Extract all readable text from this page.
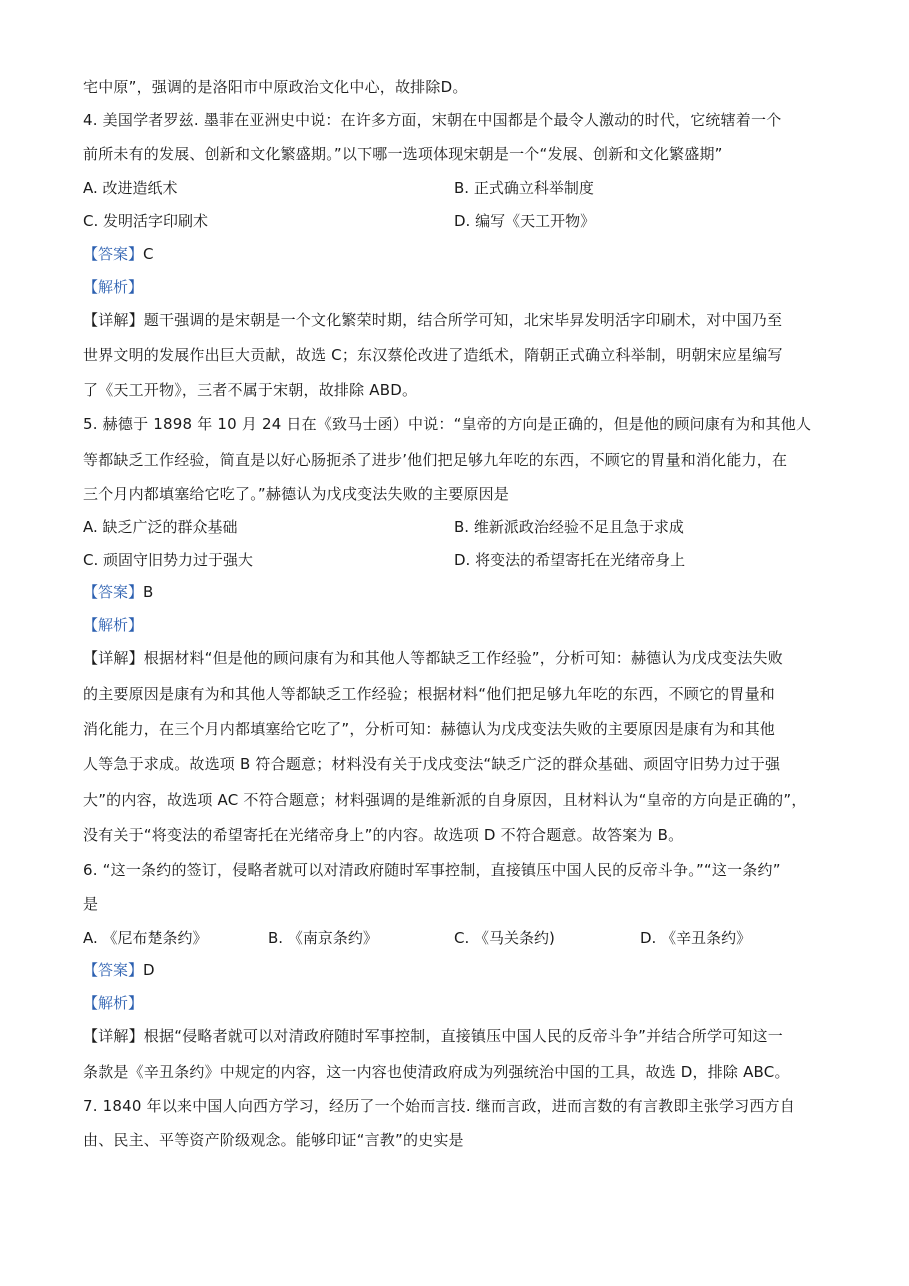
宅中原”，强调的是洛阳市中原政治文化中心，故排除D。
4. 美国学者罗兹. 墨菲在亚洲史中说：在许多方面，宋朝在中国都是个最令人激动的时代，它统辖着一个
前所未有的发展、创新和文化繁盛期。”以下哪一选项体现宋朝是一个“发展、创新和文化繁盛期”
A. 改进造纸术	B. 正式确立科举制度
C. 发明活字印刷术	D. 编写《天工开物》
【答案】C
【解析】
【详解】题干强调的是宋朝是一个文化繁荣时期，结合所学可知，北宋毕昇发明活字印刷术，对中国乃至
世界文明的发展作出巨大贡献，故选 C；东汉蔡伦改进了造纸术，隋朝正式确立科举制，明朝宋应星编写
了《天工开物》，三者不属于宋朝，故排除 ABD。
5. 赫德于 1898 年 10 月 24 日在《致马士函）中说：“皇帝的方向是正确的，但是他的顾问康有为和其他人
等都缺乏工作经验，简直是以好心肠扼杀了进步’他们把足够九年吃的东西，不顾它的胃量和消化能力，在
三个月内都填塞给它吃了。”赫德认为戊戌变法失败的主要原因是
A. 缺乏广泛的群众基础	B. 维新派政治经验不足且急于求成
C. 顽固守旧势力过于强大	D. 将变法的希望寄托在光绪帝身上
【答案】B
【解析】
【详解】根据材料“但是他的顾问康有为和其他人等都缺乏工作经验”，分析可知：赫德认为戊戌变法失败
的主要原因是康有为和其他人等都缺乏工作经验；根据材料“他们把足够九年吃的东西，不顾它的胃量和
消化能力，在三个月内都填塞给它吃了”，分析可知：赫德认为戊戌变法失败的主要原因是康有为和其他
人等急于求成。故选项 B 符合题意；材料没有关于戊戌变法“缺乏广泛的群众基础、顽固守旧势力过于强
大”的内容，故选项 AC 不符合题意；材料强调的是维新派的自身原因，且材料认为“皇帝的方向是正确的”，
没有关于“将变法的希望寄托在光绪帝身上”的内容。故选项 D 不符合题意。故答案为 B。
6. “这一条约的签订，侵略者就可以对清政府随时军事控制，直接镇压中国人民的反帝斗争。”“这一条约”
是
A. 《尼布楚条约》	B. 《南京条约》	C. 《马关条约)	D. 《辛丑条约》
【答案】D
【解析】
【详解】根据“侵略者就可以对清政府随时军事控制，直接镇压中国人民的反帝斗争”并结合所学可知这一
条款是《辛丑条约》中规定的内容，这一内容也使清政府成为列强统治中国的工具，故选 D，排除 ABC。
7. 1840 年以来中国人向西方学习，经历了一个始而言技. 继而言政，进而言数的有言教即主张学习西方自
由、民主、平等资产阶级观念。能够印证“言教”的史实是
